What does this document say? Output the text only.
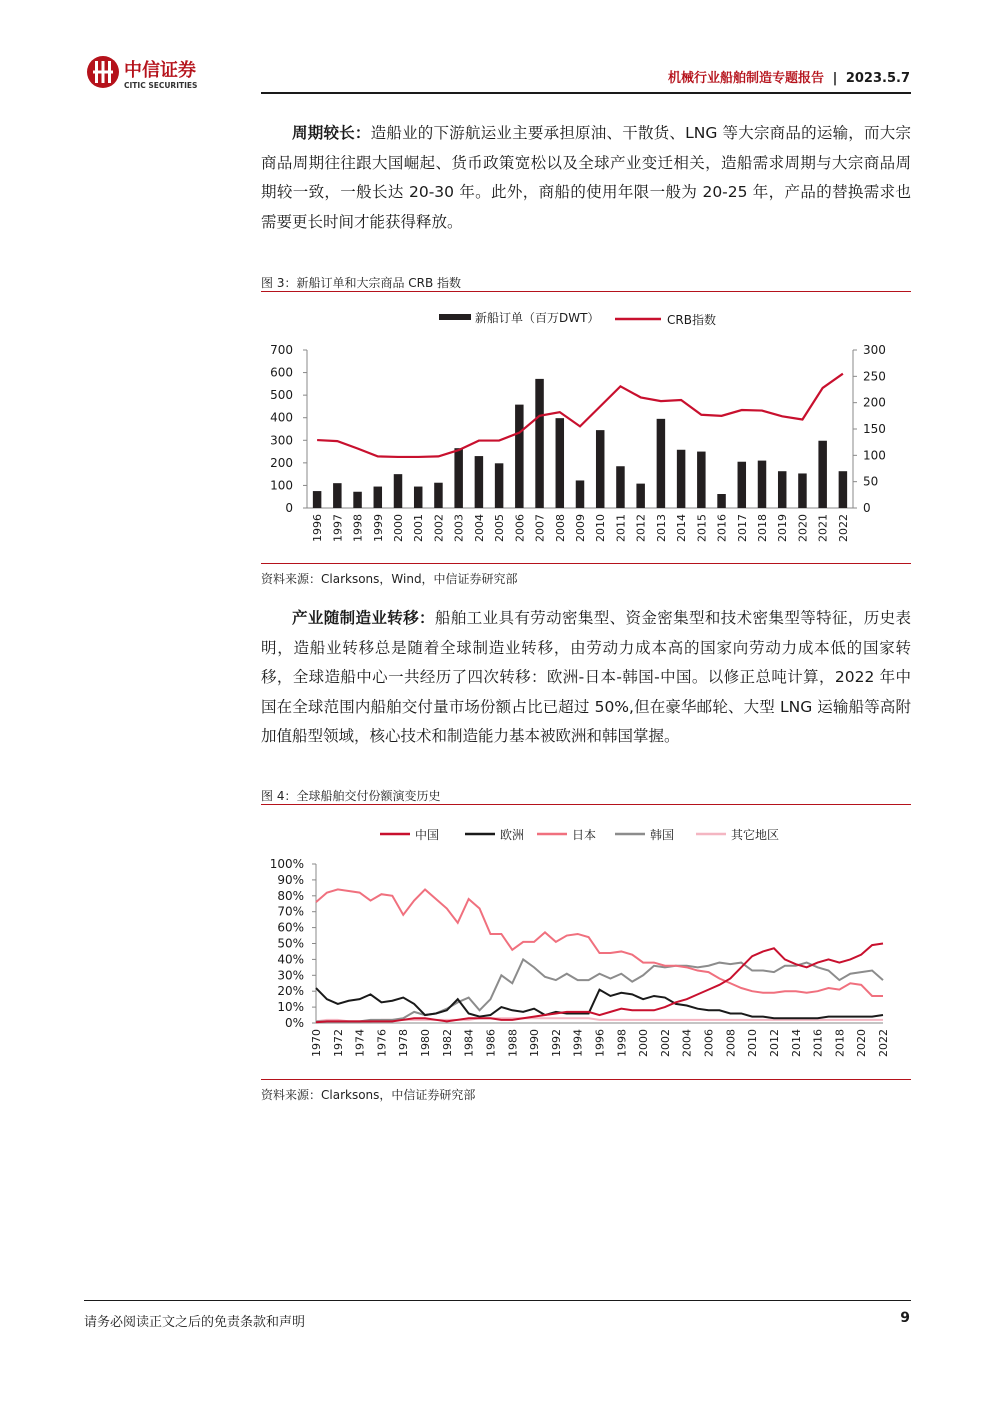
中信证券
CITIC SECURITIES	机械行业船舶制造专题报告 | 2023.5.7
周期较长：造船业的下游航运业主要承担原油、干散货、LNG 等大宗商品的运输，而大宗商品周期往往跟大国崛起、货币政策宽松以及全球产业变迁相关，造船需求周期与大宗商品周期较一致，一般长达 20-30 年。此外，商船的使用年限一般为 20-25 年，产品的替换需求也需要更长时间才能获得释放。
图 3：新船订单和大宗商品 CRB 指数
新船订单（百万DWT）	CRB指数
0
100
200
300
400
500
600
700
0
50
100
150
200
250
300
1996 1997 1998 1999 2000 2001 2002 2003 2004 2005 2006 2007 2008 2009 2010 2011 2012 2013 2014 2015 2016 2017 2018 2019 2020 2021 2022
资料来源：Clarksons，Wind，中信证券研究部
产业随制造业转移：船舶工业具有劳动密集型、资金密集型和技术密集型等特征，历史表明，造船业转移总是随着全球制造业转移，由劳动力成本高的国家向劳动力成本低的国家转移，全球造船中心一共经历了四次转移：欧洲-日本-韩国-中国。以修正总吨计算，2022 年中国在全球范围内船舶交付量市场份额占比已超过 50%,但在豪华邮轮、大型 LNG 运输船等高附加值船型领域，核心技术和制造能力基本被欧洲和韩国掌握。
图 4：全球船舶交付份额演变历史
中国	欧洲	日本	韩国	其它地区
0%
10%
20%
30%
40%
50%
60%
70%
80%
90%
100%
1970 1972 1974 1976 1978 1980 1982 1984 1986 1988 1990 1992 1994 1996 1998 2000 2002 2004 2006 2008 2010 2012 2014 2016 2018 2020 2022
资料来源：Clarksons，中信证券研究部
请务必阅读正文之后的免责条款和声明	9
